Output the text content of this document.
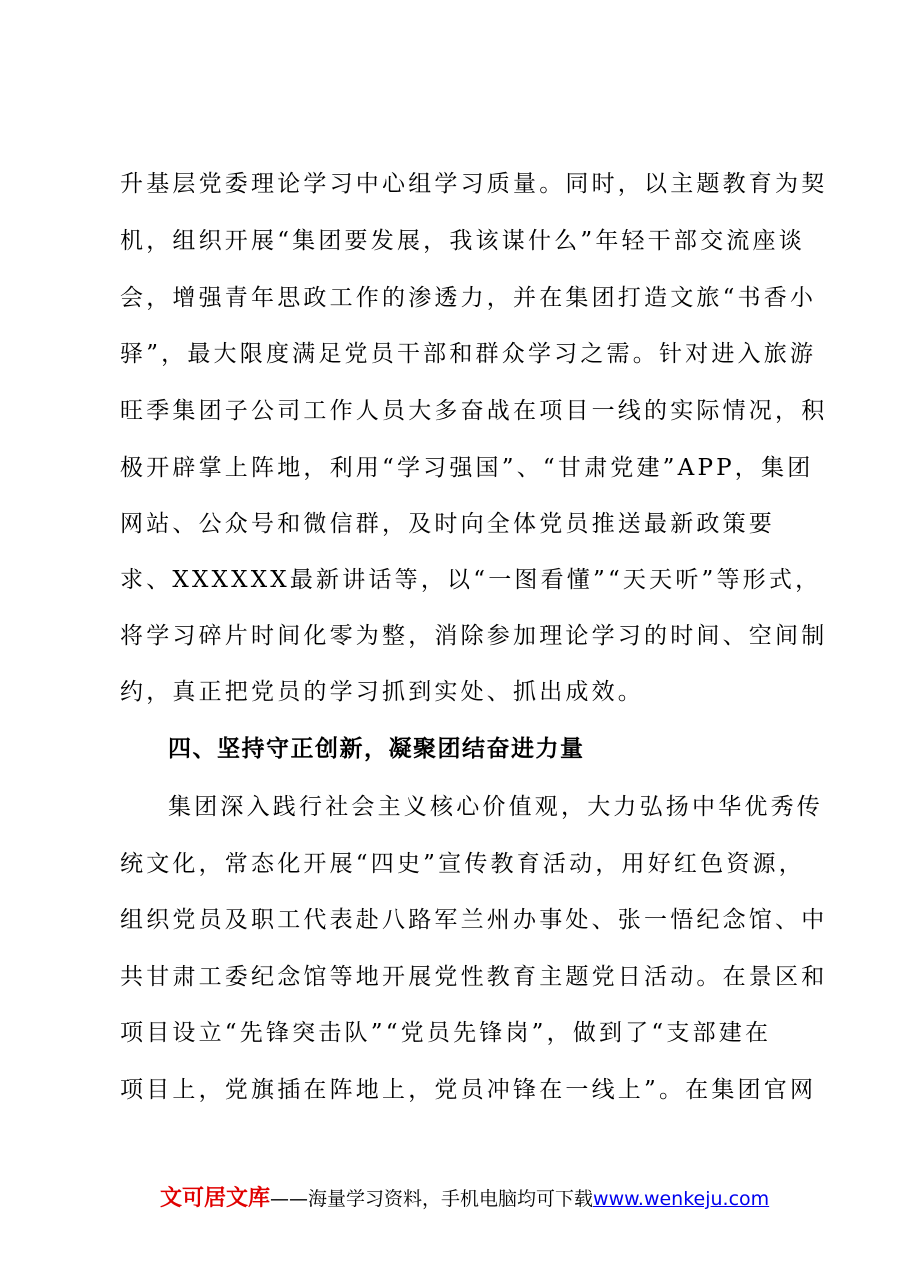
升基层党委理论学习中心组学习质量。同时，以主题教育为契
机，组织开展“集团要发展，我该谋什么”年轻干部交流座谈
会，增强青年思政工作的渗透力，并在集团打造文旅“书香小
驿”，最大限度满足党员干部和群众学习之需。针对进入旅游
旺季集团子公司工作人员大多奋战在项目一线的实际情况，积
极开辟掌上阵地，利用“学习强国”、“甘肃党建”APP，集团
网站、公众号和微信群，及时向全体党员推送最新政策要
求、XXXXXX最新讲话等，以“一图看懂”“天天听”等形式，
将学习碎片时间化零为整，消除参加理论学习的时间、空间制
约，真正把党员的学习抓到实处、抓出成效。
四、坚持守正创新，凝聚团结奋进力量
集团深入践行社会主义核心价值观，大力弘扬中华优秀传
统文化，常态化开展“四史”宣传教育活动，用好红色资源，
组织党员及职工代表赴八路军兰州办事处、张一悟纪念馆、中
共甘肃工委纪念馆等地开展党性教育主题党日活动。在景区和
项目设立“先锋突击队”“党员先锋岗”，做到了“支部建在
项目上，党旗插在阵地上，党员冲锋在一线上”。在集团官网
文可居文库——海量学习资料，手机电脑均可下载www.wenkeju.com
